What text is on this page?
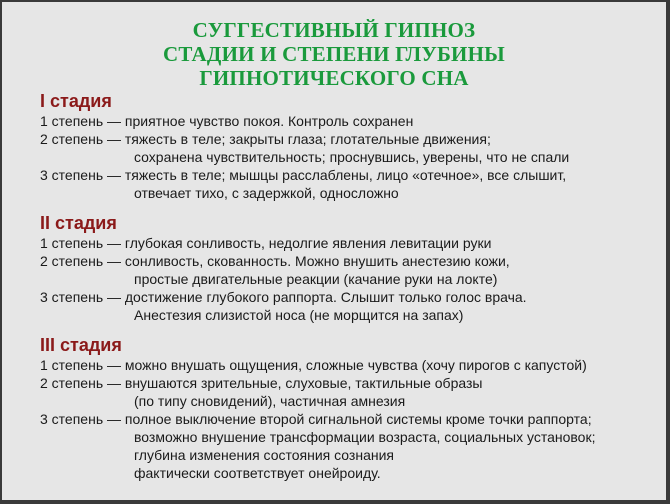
СУГГЕСТИВНЫЙ ГИПНОЗ
СТАДИИ И СТЕПЕНИ ГЛУБИНЫ
ГИПНОТИЧЕСКОГО СНА
I стадия
1 степень — приятное чувство покоя. Контроль сохранен
2 степень — тяжесть в теле; закрыты глаза; глотательные движения;
сохранена чувствительность; проснувшись, уверены, что не спали
3 степень — тяжесть в теле; мышцы расслаблены, лицо «отечное», все слышит,
отвечает тихо, с задержкой, односложно
II стадия
1 степень — глубокая сонливость, недолгие явления левитации руки
2 степень — сонливость, скованность. Можно внушить анестезию кожи,
простые двигательные реакции (качание руки на локте)
3 степень — достижение глубокого раппорта. Слышит только голос врача.
Анестезия слизистой носа (не морщится на запах)
III стадия
1 степень — можно внушать ощущения, сложные чувства (хочу пирогов с капустой)
2 степень — внушаются зрительные, слуховые, тактильные образы
(по типу сновидений), частичная амнезия
3 степень — полное выключение второй сигнальной системы кроме точки раппорта;
возможно внушение трансформации возраста, социальных установок;
глубина изменения состояния сознания
фактически соответствует онейроиду.
